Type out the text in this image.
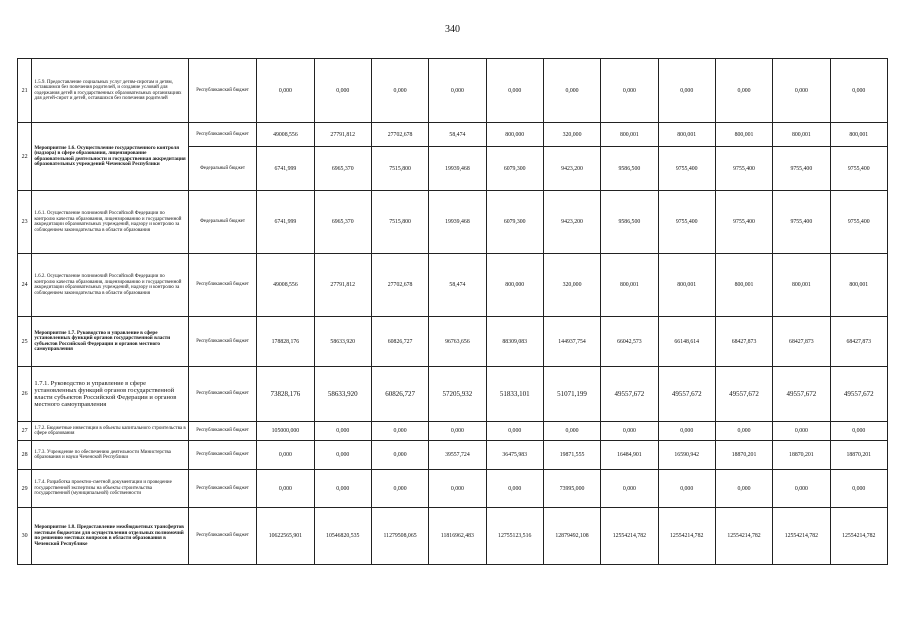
340
21	1.5.9. Предоставление социальных услуг детям-сиротам и детям, оставшимся без попечения родителей, и создание условий для содержания детей в государственных образовательных организациях для детей-сирот и детей, оставшихся без попечения родителей	Республиканский бюджет	0,000	0,000	0,000	0,000	0,000	0,000	0,000	0,000	0,000	0,000	0,000
22	Мероприятие 1.6. Осуществление государственного контроля (надзора) в сфере образования, лицензирование образовательной деятельности и государственная аккредитация образовательных учреждений Чеченской Республики	Республиканский бюджет	49008,556	27791,812	27702,678	58,474	800,000	320,000	800,001	800,001	800,001	800,001	800,001
		Федеральный бюджет	6741,999	6965,370	7515,800	19939,468	6079,300	9423,200	9586,500	9755,400	9755,400	9755,400	9755,400
23	1.6.1. Осуществление полномочий Российской Федерации по контролю качества образования, лицензированию и государственной аккредитации образовательных учреждений, надзору и контролю за соблюдением законодательства в области образования	Федеральный бюджет	6741,999	6965,370	7515,800	19939,468	6079,300	9423,200	9586,500	9755,400	9755,400	9755,400	9755,400
24	1.6.2. Осуществление полномочий Российской Федерации по контролю качества образования, лицензированию и государственной аккредитации образовательных учреждений, надзору и контролю за соблюдением законодательства в области образования	Республиканский бюджет	49008,556	27791,812	27702,678	58,474	800,000	320,000	800,001	800,001	800,001	800,001	800,001
25	Мероприятие 1.7. Руководство и управление в сфере установленных функций органов государственной власти субъектов Российской Федерации и органов местного самоуправления	Республиканский бюджет	178828,176	58633,920	60826,727	96763,656	88309,083	144937,754	66042,573	66148,614	68427,873	68427,873	68427,873
26	1.7.1. Руководство и управление в сфере установленных функций органов государственной власти субъектов Российской Федерации и органов местного самоуправления	Республиканский бюджет	73828,176	58633,920	60826,727	57205,932	51833,101	51071,199	49557,672	49557,672	49557,672	49557,672	49557,672
27	1.7.2. Бюджетные инвестиции в объекты капитального строительства в сфере образования	Республиканский бюджет	105000,000	0,000	0,000	0,000	0,000	0,000	0,000	0,000	0,000	0,000	0,000
28	1.7.3. Учреждение по обеспечению деятельности Министерства образования и науки Чеченской Республики	Республиканский бюджет	0,000	0,000	0,000	39557,724	36475,983	19871,555	16484,901	16590,942	18870,201	18870,201	18870,201
29	1.7.4. Разработка проектно-сметной документации и проведение государственной экспертизы на объекты строительства государственной (муниципальной) собственности	Республиканский бюджет	0,000	0,000	0,000	0,000	0,000	73995,000	0,000	0,000	0,000	0,000	0,000
30	Мероприятие 1.8. Предоставление межбюджетных трансфертов местным бюджетам для осуществления отдельных полномочий по решению местных вопросов в области образования в Чеченской Республике	Республиканский бюджет	10622565,901	10546820,535	11279508,065	11816962,483	12755123,516	12879492,108	12554214,782	12554214,782	12554214,782	12554214,782	12554214,782
